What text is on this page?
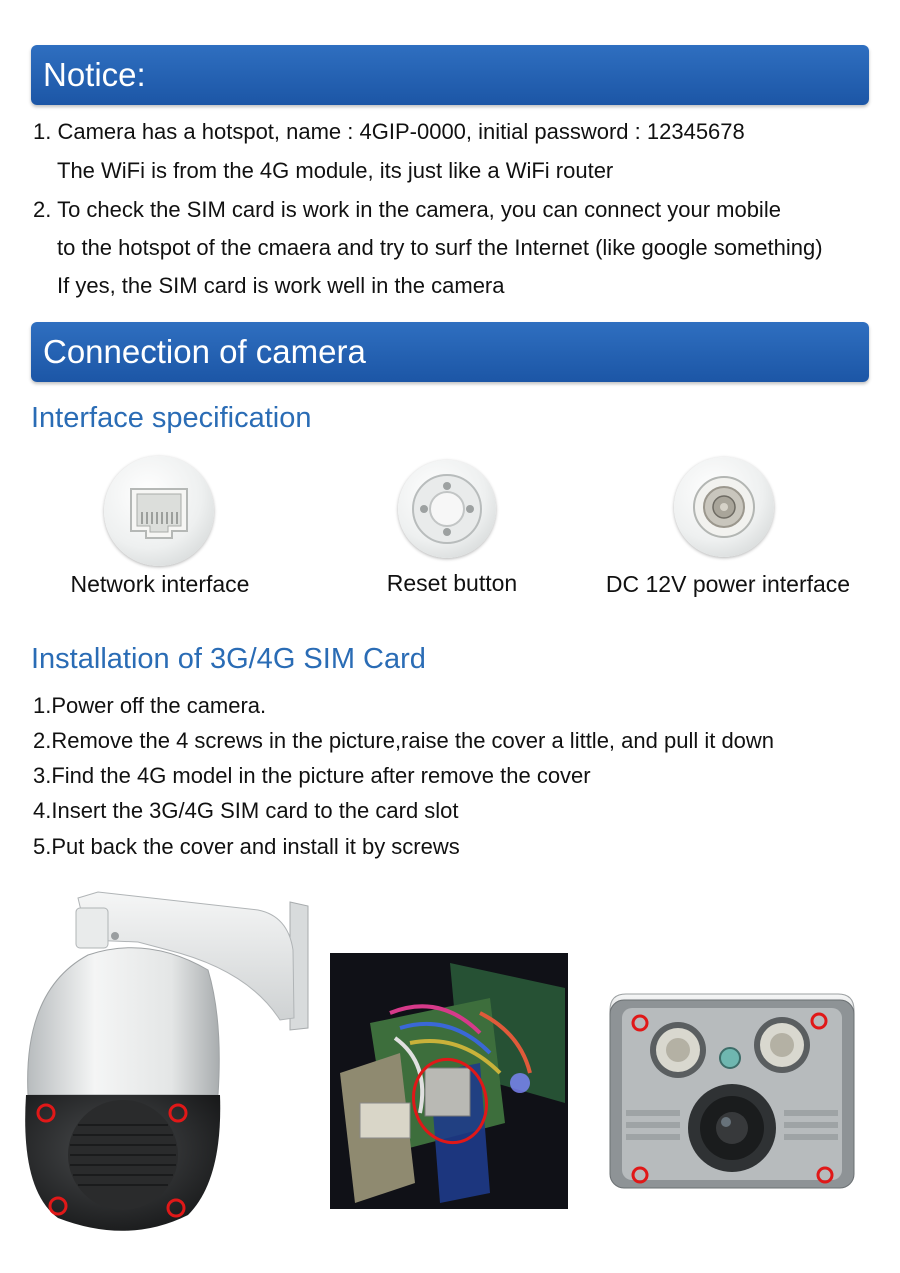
Notice:
1. Camera has a hotspot, name : 4GIP-0000, initial password : 12345678
The WiFi is from the 4G module, its just like a WiFi router
2. To check the SIM card is work in the camera, you can connect your mobile
to the hotspot of the cmaera and try to surf the Internet (like google something)
If yes, the SIM card is work well in the camera
Connection of camera
Interface specification
Network interface	Reset button	DC 12V power interface
Installation of 3G/4G SIM Card
1.Power off the camera.
2.Remove the 4 screws in the picture,raise the cover a little, and pull it down
3.Find the 4G model in the picture after remove the cover
4.Insert the 3G/4G SIM card to the card slot
5.Put back the cover and install it by screws
